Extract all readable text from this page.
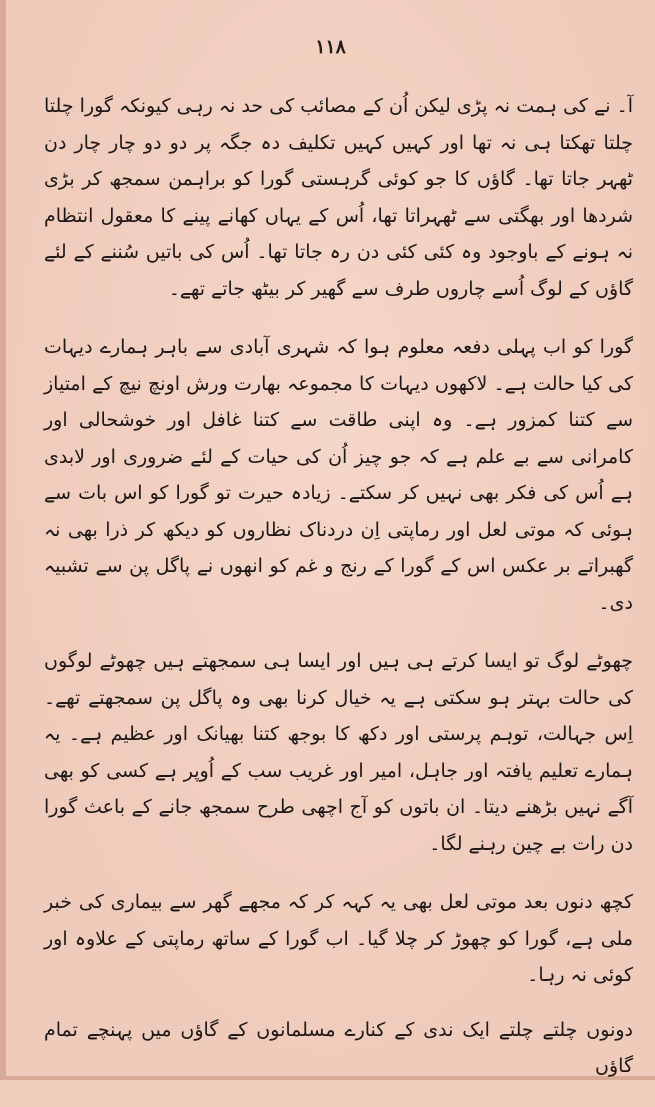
۱۱۸

آ۔ نے کی ہمت نہ پڑی لیکن اُن کے مصائب کی حد نہ رہی کیونکہ گورا چلتا چلتا تھکتا ہی نہ تھا اور کہیں کہیں تکلیف دہ جگہ پر دو دو چار چار دن ٹھہر جاتا تھا۔ گاؤں کا جو کوئی گرہستی گورا کو براہمن سمجھ کر بڑی شردھا اور بھگتی سے ٹھہراتا تھا، اُس کے یہاں کھانے پینے کا معقول انتظام نہ ہونے کے باوجود وہ کئی کئی دن رہ جاتا تھا۔ اُس کی باتیں سُننے کے لئے گاؤں کے لوگ اُسے چاروں طرف سے گھیر کر بیٹھ جاتے تھے۔

گورا کو اب پہلی دفعہ معلوم ہوا کہ شہری آبادی سے باہر ہمارے دیہات کی کیا حالت ہے۔ لاکھوں دیہات کا مجموعہ بھارت ورش اونچ نیچ کے امتیاز سے کتنا کمزور ہے۔ وہ اپنی طاقت سے کتنا غافل اور خوشحالی اور کامرانی سے بے علم ہے کہ جو چیز اُن کی حیات کے لئے ضروری اور لابدی ہے اُس کی فکر بھی نہیں کر سکتے۔ زیادہ حیرت تو گورا کو اس بات سے ہوئی کہ موتی لعل اور رماپتی اِن دردناک نظاروں کو دیکھ کر ذرا بھی نہ گھبراتے بر عکس اس کے گورا کے رنج و غم کو انھوں نے پاگل پن سے تشبیہ دی۔

چھوٹے لوگ تو ایسا کرتے ہی ہیں اور ایسا ہی سمجھتے ہیں چھوٹے لوگوں کی حالت بہتر ہو سکتی ہے یہ خیال کرنا بھی وہ پاگل پن سمجھتے تھے۔ اِس جہالت، توہم پرستی اور دکھ کا بوجھ کتنا بھیانک اور عظیم ہے۔ یہ ہمارے تعلیم یافتہ اور جاہل، امیر اور غریب سب کے اُوپر ہے کسی کو بھی آگے نہیں بڑھنے دیتا۔ ان باتوں کو آج اچھی طرح سمجھ جانے کے باعث گورا دن رات بے چین رہنے لگا۔

کچھ دنوں بعد موتی لعل بھی یہ کہہ کر کہ مجھے گھر سے بیماری کی خبر ملی ہے، گورا کو چھوڑ کر چلا گیا۔ اب گورا کے ساتھ رماپتی کے علاوہ اور کوئی نہ رہا۔

دونوں چلتے چلتے ایک ندی کے کنارے مسلمانوں کے گاؤں میں پہنچے تمام گاؤں
